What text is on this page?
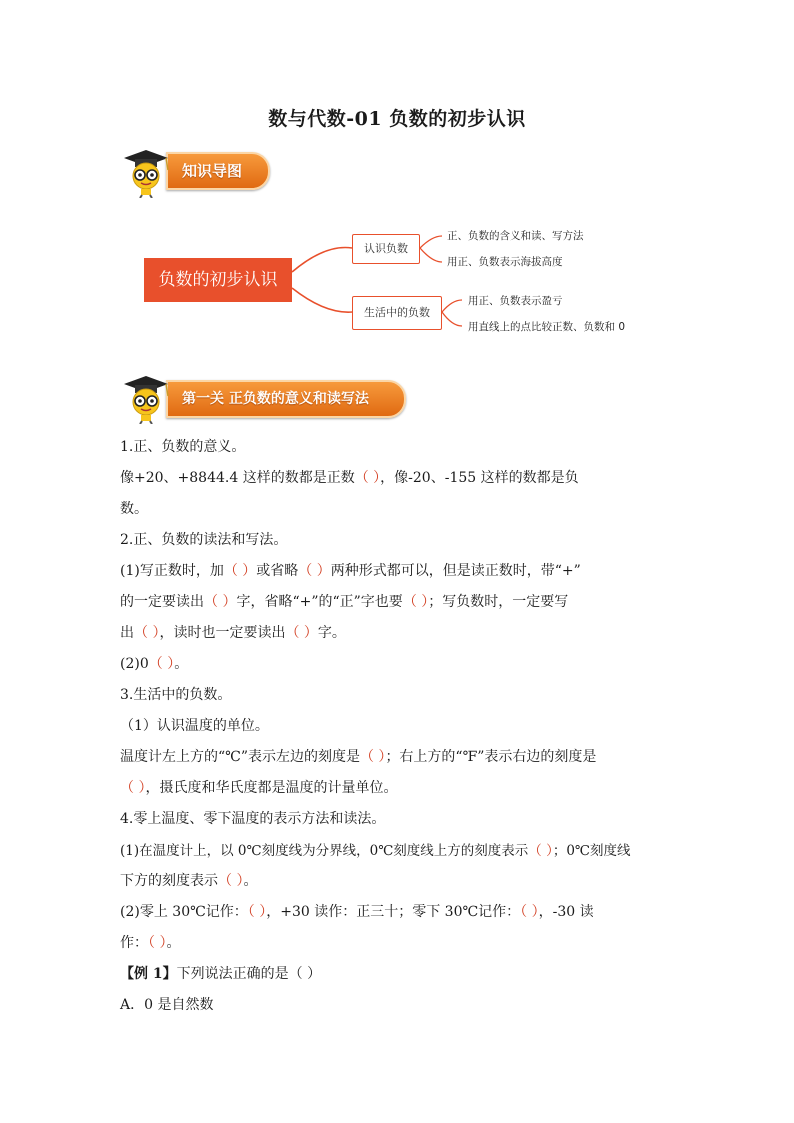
数与代数-01 负数的初步认识
知识导图
负数的初步认识
认识负数
生活中的负数
正、负数的含义和读、写方法
用正、负数表示海拔高度
用正、负数表示盈亏
用直线上的点比较正数、负数和 0
第一关 正负数的意义和读写法
1.正、负数的意义。
像+20、+8844.4 这样的数都是正数（ ），像-20、-155 这样的数都是负
数。
2.正、负数的读法和写法。
(1)写正数时，加（ ）或省略（ ）两种形式都可以，但是读正数时，带“+”
的一定要读出（ ）字，省略“+”的“正”字也要（ ）；写负数时，一定要写
出（ ），读时也一定要读出（ ）字。
(2)0（ ）。
3.生活中的负数。
（1）认识温度的单位。
温度计左上方的“℃”表示左边的刻度是（ ）；右上方的“℉”表示右边的刻度是
（ ），摄氏度和华氏度都是温度的计量单位。
4.零上温度、零下温度的表示方法和读法。
(1)在温度计上，以 0℃刻度线为分界线，0℃刻度线上方的刻度表示（ ）；0℃刻度线
下方的刻度表示（ ）。
(2)零上 30℃记作：（ ），+30 读作：正三十；零下 30℃记作：（ ），-30 读
作：（ ）。
【例 1】下列说法正确的是（ ）
A．0 是自然数
